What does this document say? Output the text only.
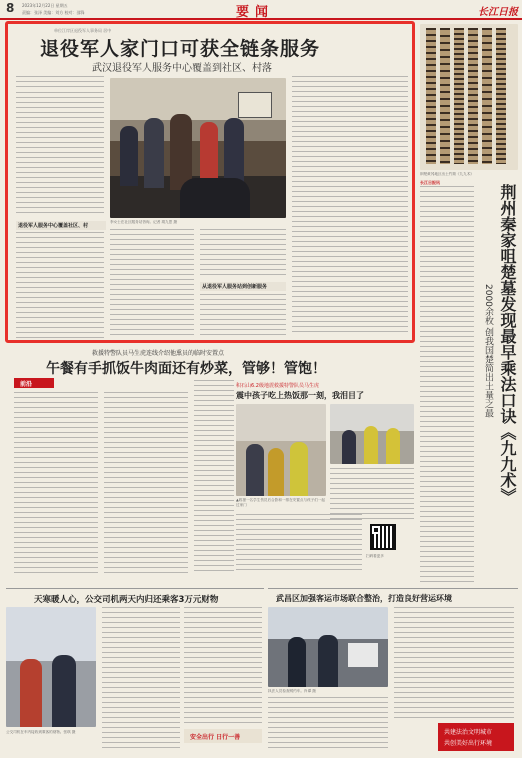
8 2023年12月22日 星期五
责编：张泽 美编：刘方 校对：邵锋	要闻	长江日报
单位江岸区退役军人事务局 居中
退役军人家门口可获全链条服务
武汉退役军人服务中心覆盖到社区、村落
退役军人服务中心覆盖社区、村
李女士在社区服务站咨询。记者 胡九思 摄
从退役军人服务站到创新服务
荆楚黄冈地区出土竹简《九九术》
长江日报讯
荆州秦家咀楚墓发现最早乘法口诀《九九术》
2000余枚 创我国楚简出土量之最
救援特警队员马生虎连线介绍他熏员的临时安置点
午餐有手抓饭牛肉面还有炒菜，管够！管饱！
前沿	积石山6.2级地震救援特警队员马生虎
震中孩子吃上热饭那一刻，我泪目了
▲救援一名学生伤员后合影和一排在安置点与孩子们一起过家门
扫码看更多
天寒暖人心，公交司机两天内归还乘客3万元财物
公交司机在车内接收到乘客的财物。张琪 摄
安全出行 日行一善
武昌区加强客运市场联合整治，打造良好营运环境
执法人员检查网约车。肖谭 摄
共建法治文明城市
共创美好出行环境
